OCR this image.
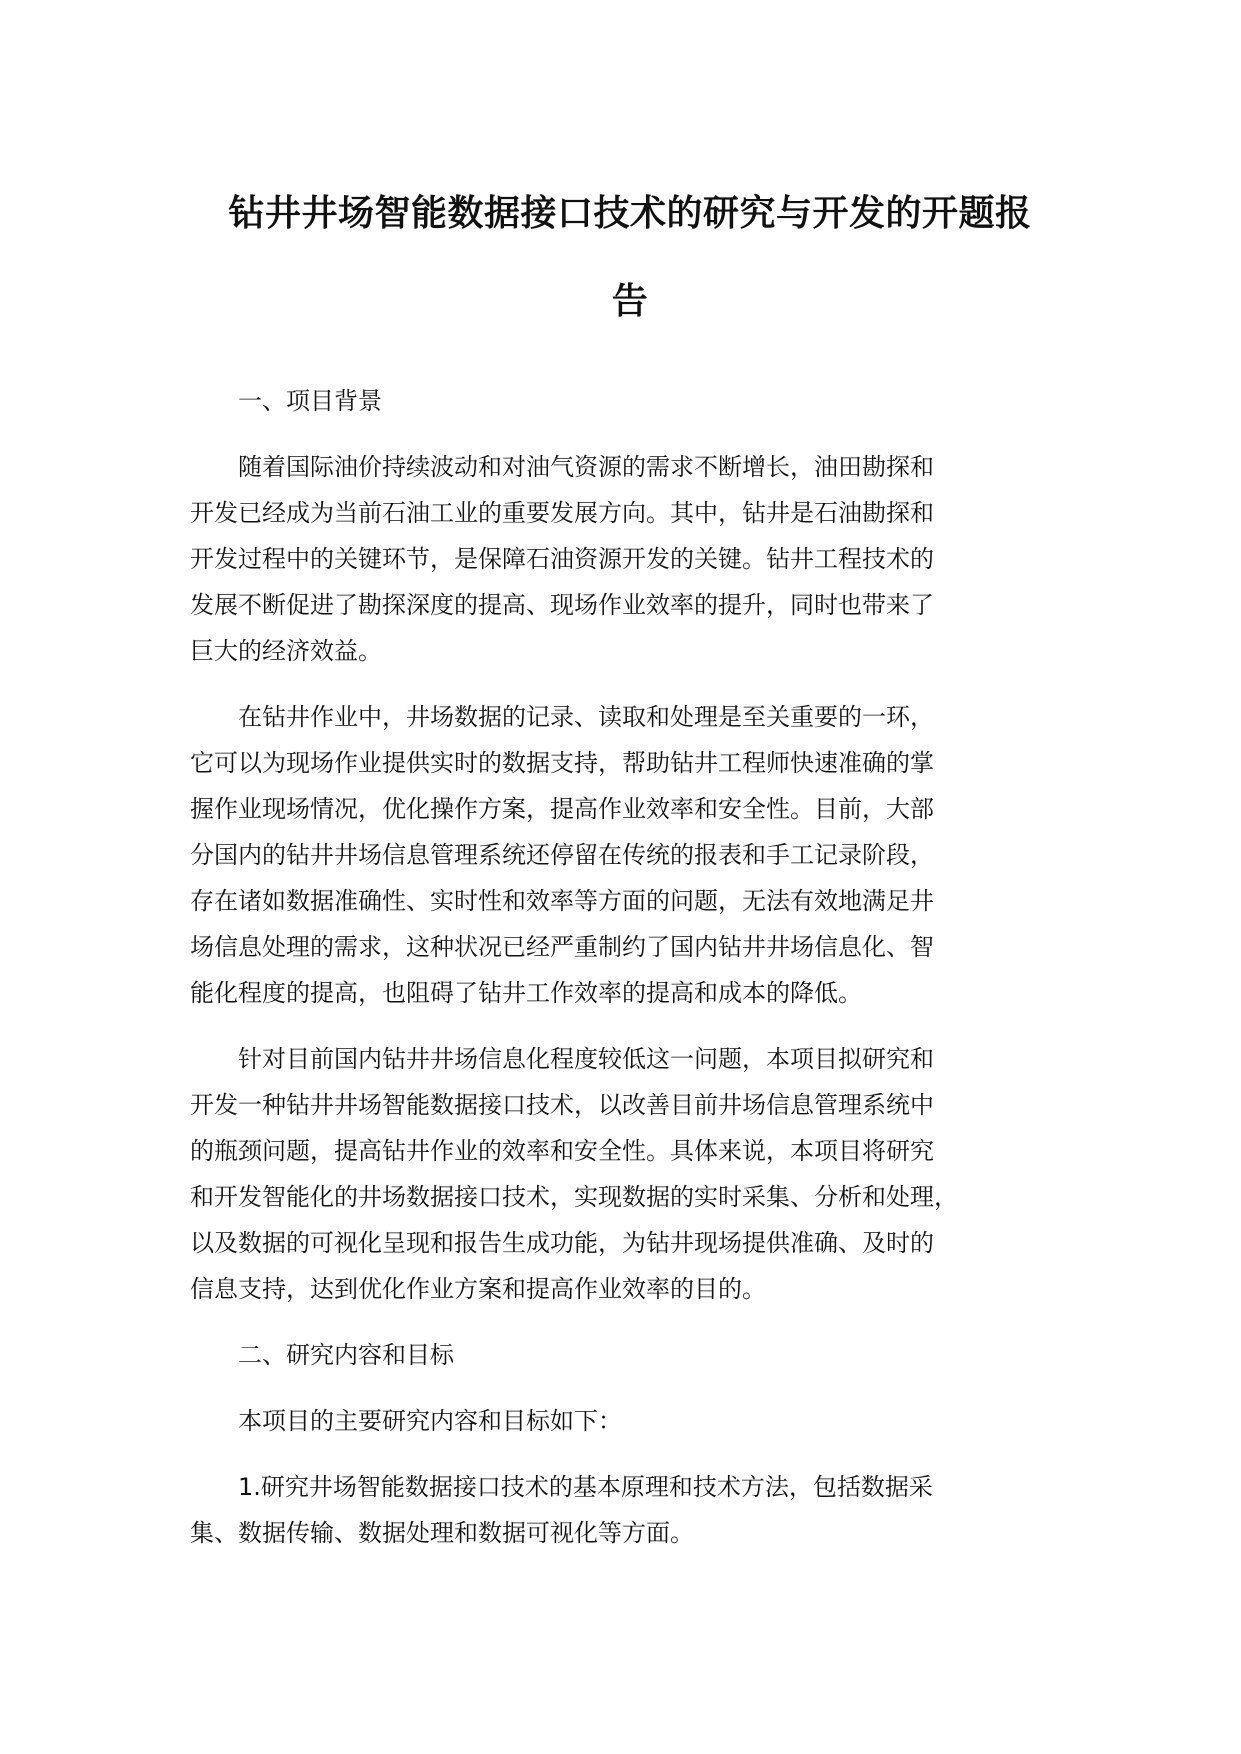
钻井井场智能数据接口技术的研究与开发的开题报
告
一、项目背景
随着国际油价持续波动和对油气资源的需求不断增长，油田勘探和
开发已经成为当前石油工业的重要发展方向。其中，钻井是石油勘探和
开发过程中的关键环节，是保障石油资源开发的关键。钻井工程技术的
发展不断促进了勘探深度的提高、现场作业效率的提升，同时也带来了
巨大的经济效益。
在钻井作业中，井场数据的记录、读取和处理是至关重要的一环，
它可以为现场作业提供实时的数据支持，帮助钻井工程师快速准确的掌
握作业现场情况，优化操作方案，提高作业效率和安全性。目前，大部
分国内的钻井井场信息管理系统还停留在传统的报表和手工记录阶段，
存在诸如数据准确性、实时性和效率等方面的问题，无法有效地满足井
场信息处理的需求，这种状况已经严重制约了国内钻井井场信息化、智
能化程度的提高，也阻碍了钻井工作效率的提高和成本的降低。
针对目前国内钻井井场信息化程度较低这一问题，本项目拟研究和
开发一种钻井井场智能数据接口技术，以改善目前井场信息管理系统中
的瓶颈问题，提高钻井作业的效率和安全性。具体来说，本项目将研究
和开发智能化的井场数据接口技术，实现数据的实时采集、分析和处理，
以及数据的可视化呈现和报告生成功能，为钻井现场提供准确、及时的
信息支持，达到优化作业方案和提高作业效率的目的。
二、研究内容和目标
本项目的主要研究内容和目标如下：
1.研究井场智能数据接口技术的基本原理和技术方法，包括数据采
集、数据传输、数据处理和数据可视化等方面。
